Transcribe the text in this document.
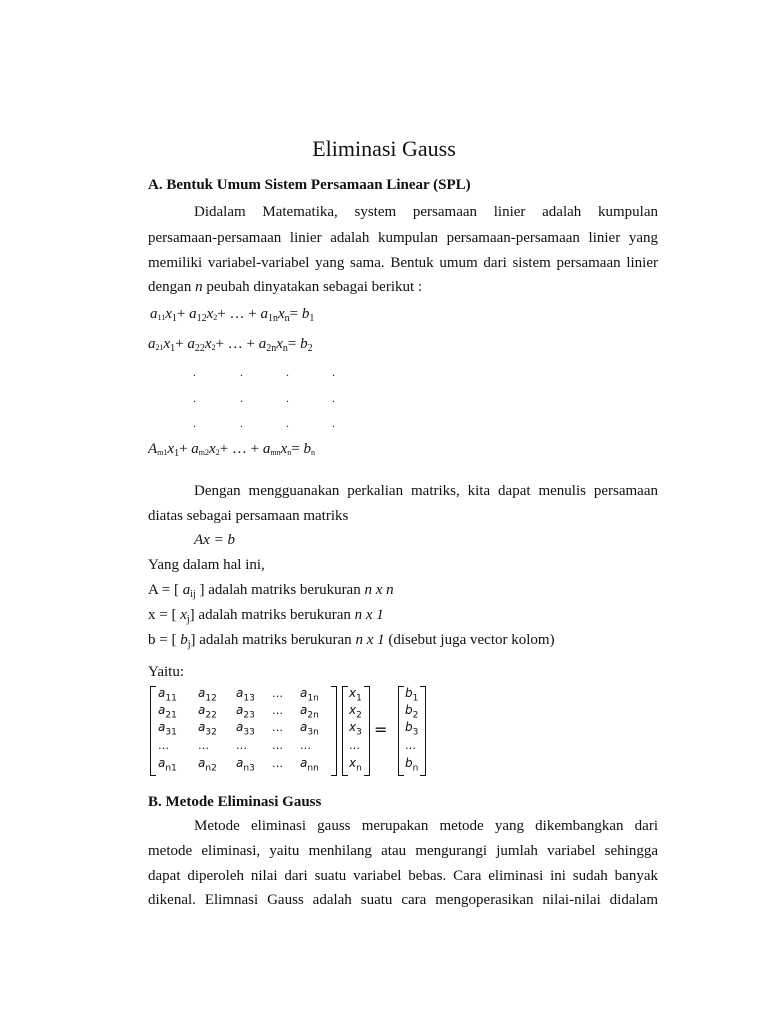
Eliminasi Gauss
A. Bentuk Umum Sistem Persamaan Linear (SPL)
Didalam Matematika, system persamaan linier adalah kumpulan
persamaan-persamaan linier adalah kumpulan persamaan-persamaan linier yang
memiliki variabel-variabel yang sama. Bentuk umum dari sistem persamaan linier
dengan n peubah dinyatakan sebagai berikut :
$a_{11}x_1+ a_{12}x_2+$ … + $a_{1n}x_n= b_1$
$a_{21}x_1+ a_{22}x_2+$ … + $a_{2n}x_n= b_2$
.	.	.	.
.	.	.	.
.	.	.	.
$A_{m1}x_1+ a_{m2}x_2+$ … + $a_{mn}x_n= b_n$
Dengan mengguanakan perkalian matriks, kita dapat menulis persamaan
diatas sebagai persamaan matriks
Ax = b
Yang dalam hal ini,
A = [ $a_{ij}$ ] adalah matriks berukuran n x n
x = [ $x_j$] adalah matriks berukuran n x 1
b = [ $b_j$] adalah matriks berukuran n x 1 (disebut juga vector kolom)
Yaitu:
=
$a_{11}$ $a_{12}$ $a_{13}$ … $a_{1n}$
$a_{21}$ $a_{22}$ $a_{23}$ … $a_{2n}$
$a_{31}$ $a_{32}$ $a_{33}$ … $a_{3n}$
…	… … … …
$a_{n1}$ $a_{n2}$ $a_{n3}$ … $a_{nn}$
$x_1$
$x_2$
$x_3$
…
$x_n$
$b_1$
$b_2$
$b_3$
…
$b_n$
B. Metode Eliminasi Gauss
Metode eliminasi gauss merupakan metode yang dikembangkan dari
metode eliminasi, yaitu menhilang atau mengurangi jumlah variabel sehingga
dapat diperoleh nilai dari suatu variabel bebas. Cara eliminasi ini sudah banyak
dikenal. Elimnasi Gauss adalah suatu cara mengoperasikan nilai-nilai didalam
